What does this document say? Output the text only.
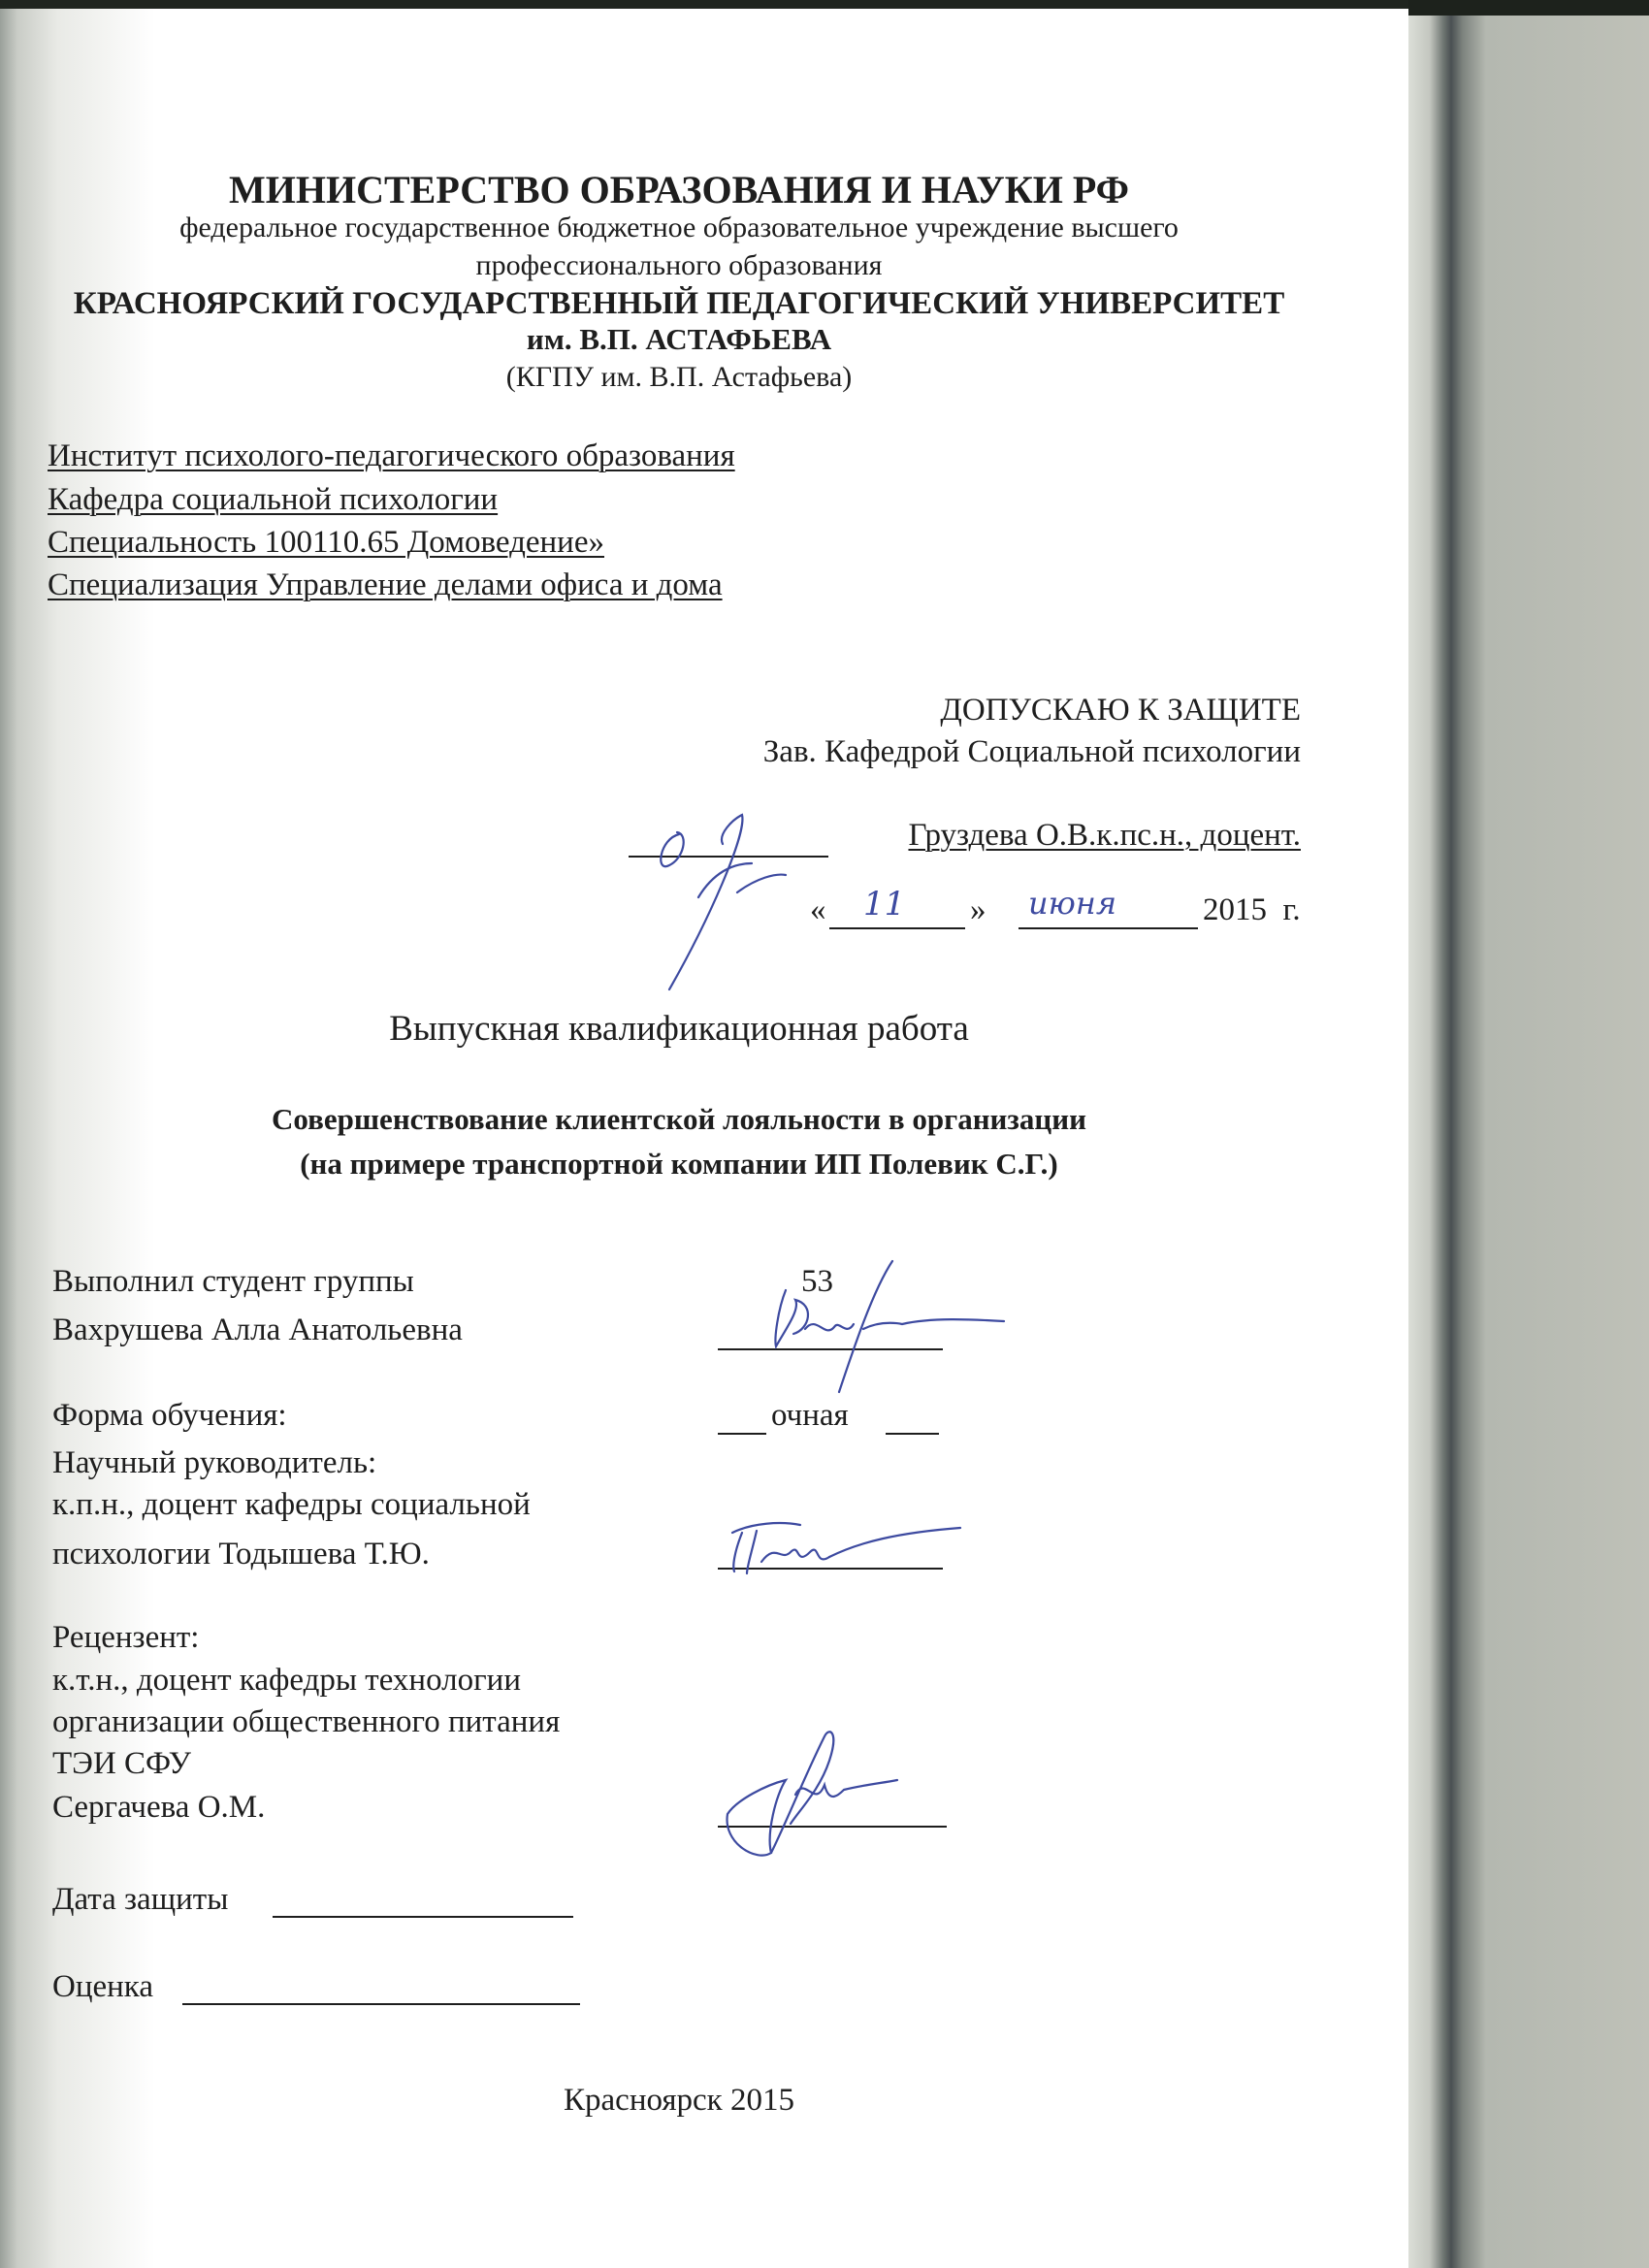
МИНИСТЕРСТВО ОБРАЗОВАНИЯ И НАУКИ РФ
федеральное государственное бюджетное образовательное учреждение высшего
профессионального образования
КРАСНОЯРСКИЙ ГОСУДАРСТВЕННЫЙ ПЕДАГОГИЧЕСКИЙ УНИВЕРСИТЕТ
им. В.П. АСТАФЬЕВА
(КГПУ им. В.П. Астафьева)
Институт психолого-педагогического образования
Кафедра социальной психологии
Специальность 100110.65 Домоведение»
Специализация Управление делами офиса и дома
ДОПУСКАЮ К ЗАЩИТЕ
Зав. Кафедрой Социальной психологии
Груздева О.В.к.пс.н., доцент.
« 11 » июня	2015  г.
Выпускная квалификационная работа
Совершенствование клиентской лояльности в организации
(на примере транспортной компании ИП Полевик С.Г.)
Выполнил студент группы	53
Вахрушева Алла Анатольевна
Форма обучения:	очная
Научный руководитель:
к.п.н., доцент кафедры социальной
психологии Тодышева Т.Ю.
Рецензент:
к.т.н., доцент кафедры технологии
организации общественного питания
ТЭИ СФУ
Сергачева О.М.
Дата защиты
Оценка
Красноярск 2015
